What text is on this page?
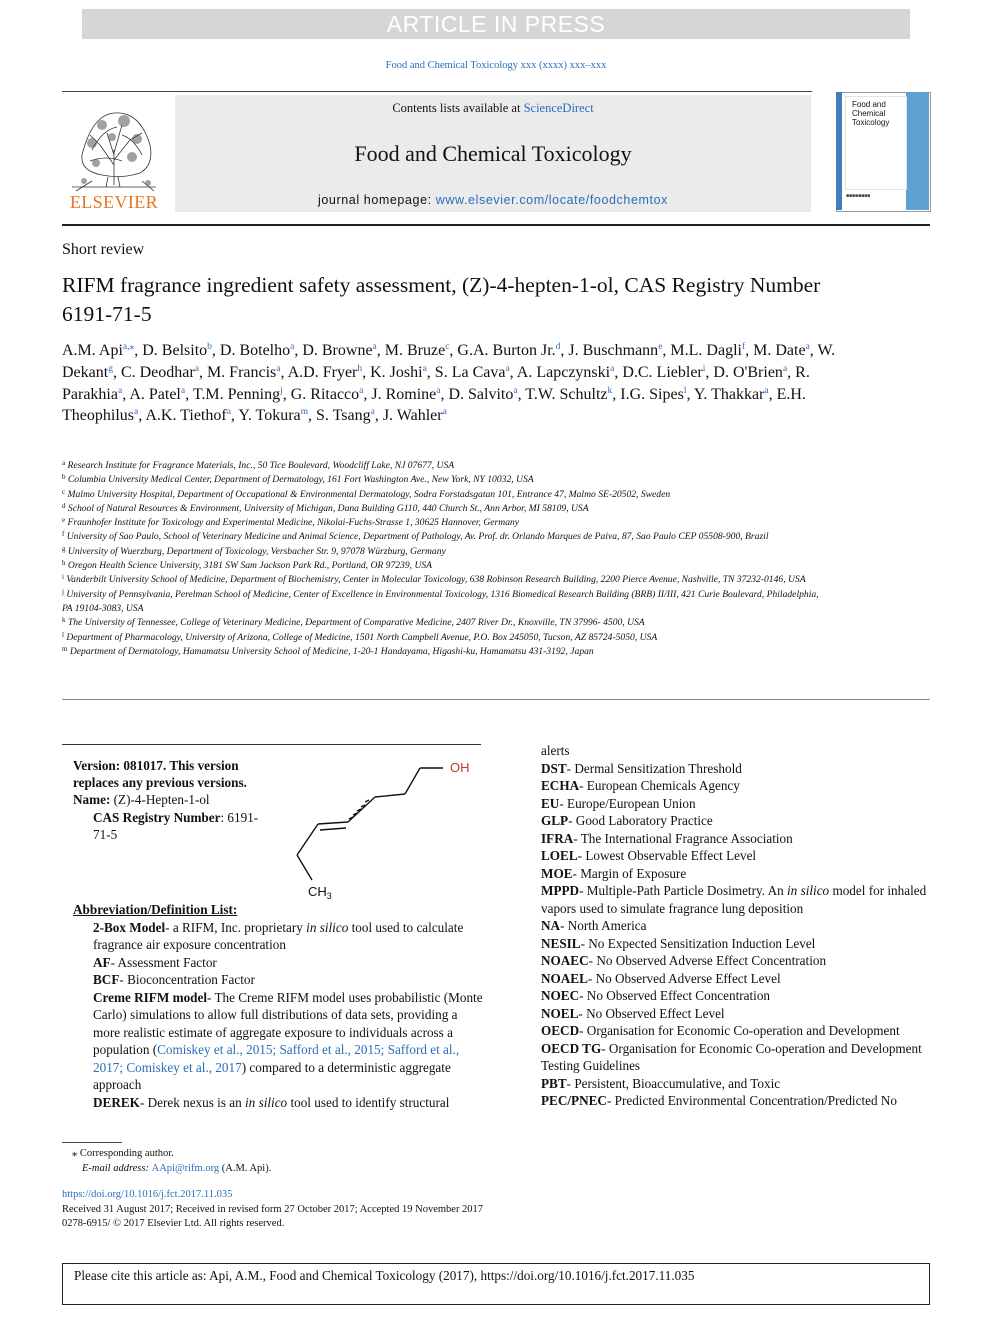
ARTICLE IN PRESS
Food and Chemical Toxicology xxx (xxxx) xxx–xxx
ELSEVIER
Contents lists available at ScienceDirect
Food and Chemical Toxicology
journal homepage: www.elsevier.com/locate/foodchemtox
Food and Chemical Toxicology
■■■■■■■■
Short review
RIFM fragrance ingredient safety assessment, (Z)-4-hepten-1-ol, CAS Registry Number 6191-71-5
A.M. Api$^{a,⁎}$, D. Belsito$^b$, D. Botelho$^a$, D. Browne$^a$, M. Bruze$^c$, G.A. Burton Jr.$^d$, J. Buschmann$^e$, M.L. Dagli$^f$, M. Date$^a$, W. Dekant$^g$, C. Deodhar$^a$, M. Francis$^a$, A.D. Fryer$^h$, K. Joshi$^a$, S. La Cava$^a$, A. Lapczynski$^a$, D.C. Liebler$^i$, D. O'Brien$^a$, R. Parakhia$^a$, A. Patel$^a$, T.M. Penning$^j$, G. Ritacco$^a$, J. Romine$^a$, D. Salvito$^a$, T.W. Schultz$^k$, I.G. Sipes$^l$, Y. Thakkar$^a$, E.H. Theophilus$^a$, A.K. Tiethof$^a$, Y. Tokura$^m$, S. Tsang$^a$, J. Wahler$^a$
$^a$ Research Institute for Fragrance Materials, Inc., 50 Tice Boulevard, Woodcliff Lake, NJ 07677, USA
$^b$ Columbia University Medical Center, Department of Dermatology, 161 Fort Washington Ave., New York, NY 10032, USA
$^c$ Malmo University Hospital, Department of Occupational & Environmental Dermatology, Sodra Forstadsgatan 101, Entrance 47, Malmo SE-20502, Sweden
$^d$ School of Natural Resources & Environment, University of Michigan, Dana Building G110, 440 Church St., Ann Arbor, MI 58109, USA
$^e$ Fraunhofer Institute for Toxicology and Experimental Medicine, Nikolai-Fuchs-Strasse 1, 30625 Hannover, Germany
$^f$ University of Sao Paulo, School of Veterinary Medicine and Animal Science, Department of Pathology, Av. Prof. dr. Orlando Marques de Paiva, 87, Sao Paulo CEP 05508-900, Brazil
$^g$ University of Wuerzburg, Department of Toxicology, Versbacher Str. 9, 97078 Würzburg, Germany
$^h$ Oregon Health Science University, 3181 SW Sam Jackson Park Rd., Portland, OR 97239, USA
$^i$ Vanderbilt University School of Medicine, Department of Biochemistry, Center in Molecular Toxicology, 638 Robinson Research Building, 2200 Pierce Avenue, Nashville, TN 37232-0146, USA
$^j$ University of Pennsylvania, Perelman School of Medicine, Center of Excellence in Environmental Toxicology, 1316 Biomedical Research Building (BRB) II/III, 421 Curie Boulevard, Philadelphia, PA 19104-3083, USA
$^k$ The University of Tennessee, College of Veterinary Medicine, Department of Comparative Medicine, 2407 River Dr., Knoxville, TN 37996- 4500, USA
$^l$ Department of Pharmacology, University of Arizona, College of Medicine, 1501 North Campbell Avenue, P.O. Box 245050, Tucson, AZ 85724-5050, USA
$^m$ Department of Dermatology, Hamamatsu University School of Medicine, 1-20-1 Handayama, Higashi-ku, Hamamatsu 431-3192, Japan
Version: 081017. This version replaces any previous versions.
Name: (Z)-4-Hepten-1-ol
CAS Registry Number: 6191-71-5
OH
$CH_3$
Abbreviation/Definition List:
2-Box Model- a RIFM, Inc. proprietary in silico tool used to calculate fragrance air exposure concentration
AF- Assessment Factor
BCF- Bioconcentration Factor
Creme RIFM model- The Creme RIFM model uses probabilistic (Monte Carlo) simulations to allow full distributions of data sets, providing a more realistic estimate of aggregate exposure to individuals across a population (Comiskey et al., 2015; Safford et al., 2015; Safford et al., 2017; Comiskey et al., 2017) compared to a deterministic aggregate approach
DEREK- Derek nexus is an in silico tool used to identify structural
alerts
DST- Dermal Sensitization Threshold
ECHA- European Chemicals Agency
EU- Europe/European Union
GLP- Good Laboratory Practice
IFRA- The International Fragrance Association
LOEL- Lowest Observable Effect Level
MOE- Margin of Exposure
MPPD- Multiple-Path Particle Dosimetry. An in silico model for inhaled vapors used to simulate fragrance lung deposition
NA- North America
NESIL- No Expected Sensitization Induction Level
NOAEC- No Observed Adverse Effect Concentration
NOAEL- No Observed Adverse Effect Level
NOEC- No Observed Effect Concentration
NOEL- No Observed Effect Level
OECD- Organisation for Economic Co-operation and Development
OECD TG- Organisation for Economic Co-operation and Development Testing Guidelines
PBT- Persistent, Bioaccumulative, and Toxic
PEC/PNEC- Predicted Environmental Concentration/Predicted No
⁎ Corresponding author.
E-mail address: AApi@rifm.org (A.M. Api).
https://doi.org/10.1016/j.fct.2017.11.035
Received 31 August 2017; Received in revised form 27 October 2017; Accepted 19 November 2017
0278-6915/ © 2017 Elsevier Ltd. All rights reserved.
Please cite this article as: Api, A.M., Food and Chemical Toxicology (2017), https://doi.org/10.1016/j.fct.2017.11.035
